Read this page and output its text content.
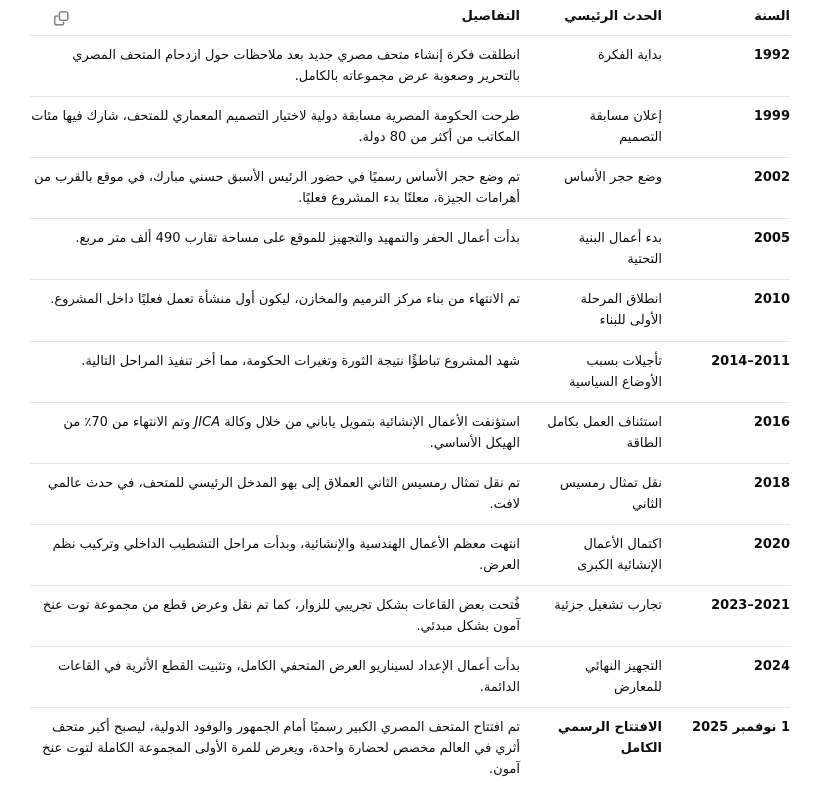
السنة	الحدث الرئيسي	التفاصيل
1992	بداية الفكرة	انطلقت فكرة إنشاء متحف مصري جديد بعد ملاحظات حول ازدحام المتحف المصري بالتحرير وصعوبة عرض مجموعاته بالكامل.
1999	إعلان مسابقة التصميم	طرحت الحكومة المصرية مسابقة دولية لاختيار التصميم المعماري للمتحف، شارك فيها مئات المكاتب من أكثر من 80 دولة.
2002	وضع حجر الأساس	تم وضع حجر الأساس رسميًا في حضور الرئيس الأسبق حسني مبارك، في موقع بالقرب من أهرامات الجيزة، معلنًا بدء المشروع فعليًا.
2005	بدء أعمال البنية التحتية	بدأت أعمال الحفر والتمهيد والتجهيز للموقع على مساحة تقارب 490 ألف متر مربع.
2010	انطلاق المرحلة الأولى للبناء	تم الانتهاء من بناء مركز الترميم والمخازن، ليكون أول منشأة تعمل فعليًا داخل المشروع.
2011–2014	تأجيلات بسبب الأوضاع السياسية	شهد المشروع تباطؤًا نتيجة الثورة وتغيرات الحكومة، مما أخر تنفيذ المراحل التالية.
2016	استئناف العمل بكامل الطاقة	استؤنفت الأعمال الإنشائية بتمويل ياباني من خلال وكالة JICA وتم الانتهاء من 70٪ من الهيكل الأساسي.
2018	نقل تمثال رمسيس الثاني	تم نقل تمثال رمسيس الثاني العملاق إلى بهو المدخل الرئيسي للمتحف، في حدث عالمي لافت.
2020	اكتمال الأعمال الإنشائية الكبرى	انتهت معظم الأعمال الهندسية والإنشائية، وبدأت مراحل التشطيب الداخلي وتركيب نظم العرض.
2021–2023	تجارب تشغيل جزئية	فُتحت بعض القاعات بشكل تجريبي للزوار، كما تم نقل وعرض قطع من مجموعة توت عنخ آمون بشكل مبدئي.
2024	التجهيز النهائي للمعارض	بدأت أعمال الإعداد لسيناريو العرض المتحفي الكامل، وتثبيت القطع الأثرية في القاعات الدائمة.
1 نوفمبر 2025	الافتتاح الرسمي الكامل	تم افتتاح المتحف المصري الكبير رسميًا أمام الجمهور والوفود الدولية، ليصبح أكبر متحف أثري في العالم مخصص لحضارة واحدة، ويعرض للمرة الأولى المجموعة الكاملة لتوت عنخ آمون.
